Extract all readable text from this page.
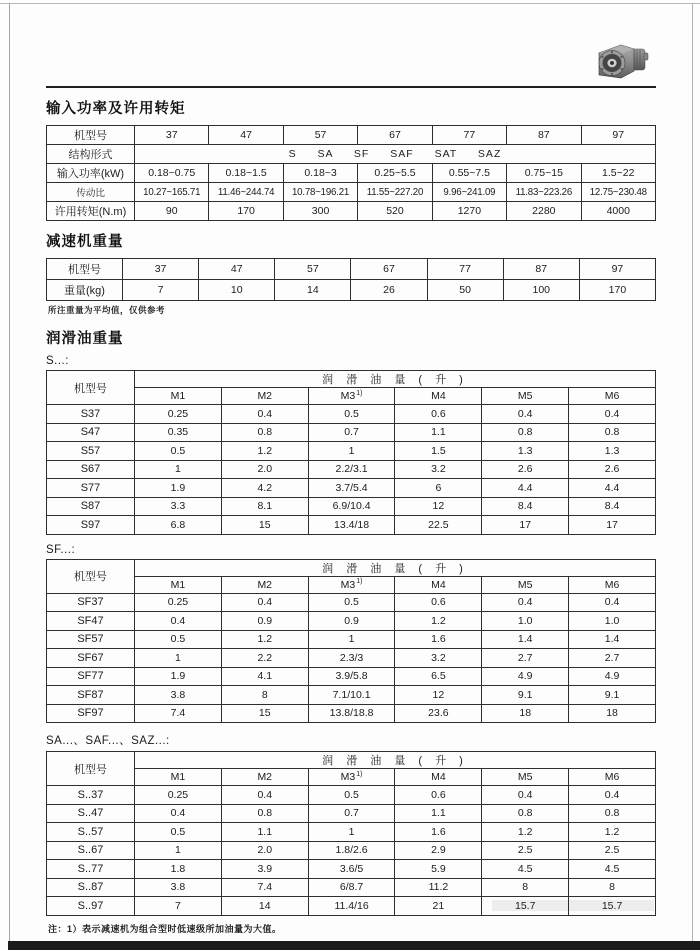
输入功率及许用转矩
机型号	37	47	57	67	77	87	97
结构形式	S SA SF SAF SAT SAZ						
输入功率(kW)	0.18~0.75	0.18~1.5	0.18~3	0.25~5.5	0.55~7.5	0.75~15	1.5~22
传动比	10.27~165.71	11.46~244.74	10.78~196.21	11.55~227.20	9.96~241.09	11.83~223.26	12.75~230.48
许用转矩(N.m)	90	170	300	520	1270	2280	4000
减速机重量
机型号	37	47	57	67	77	87	97
重量(kg)	7	10	14	26	50	100	170
所注重量为平均值，仅供参考
润滑油重量
S...:
机型号	润 滑 油 量 ( 升 )					
	M1	M2	M3$^{1)}$	M4	M5	M6
S37	0.25	0.4	0.5	0.6	0.4	0.4
S47	0.35	0.8	0.7	1.1	0.8	0.8
S57	0.5	1.2	1	1.5	1.3	1.3
S67	1	2.0	2.2/3.1	3.2	2.6	2.6
S77	1.9	4.2	3.7/5.4	6	4.4	4.4
S87	3.3	8.1	6.9/10.4	12	8.4	8.4
S97	6.8	15	13.4/18	22.5	17	17
SF...:
机型号	润 滑 油 量 ( 升 )					
	M1	M2	M3$^{1)}$	M4	M5	M6
SF37	0.25	0.4	0.5	0.6	0.4	0.4
SF47	0.4	0.9	0.9	1.2	1.0	1.0
SF57	0.5	1.2	1	1.6	1.4	1.4
SF67	1	2.2	2.3/3	3.2	2.7	2.7
SF77	1.9	4.1	3.9/5.8	6.5	4.9	4.9
SF87	3.8	8	7.1/10.1	12	9.1	9.1
SF97	7.4	15	13.8/18.8	23.6	18	18
SA...、SAF...、SAZ...:
机型号	润 滑 油 量 ( 升 )					
	M1	M2	M3$^{1)}$	M4	M5	M6
S..37	0.25	0.4	0.5	0.6	0.4	0.4
S..47	0.4	0.8	0.7	1.1	0.8	0.8
S..57	0.5	1.1	1	1.6	1.2	1.2
S..67	1	2.0	1.8/2.6	2.9	2.5	2.5
S..77	1.8	3.9	3.6/5	5.9	4.5	4.5
S..87	3.8	7.4	6/8.7	11.2	8	8
S..97	7	14	11.4/16	21	15.7	15.7
注：1）表示减速机为组合型时低速级所加油量为大值。
